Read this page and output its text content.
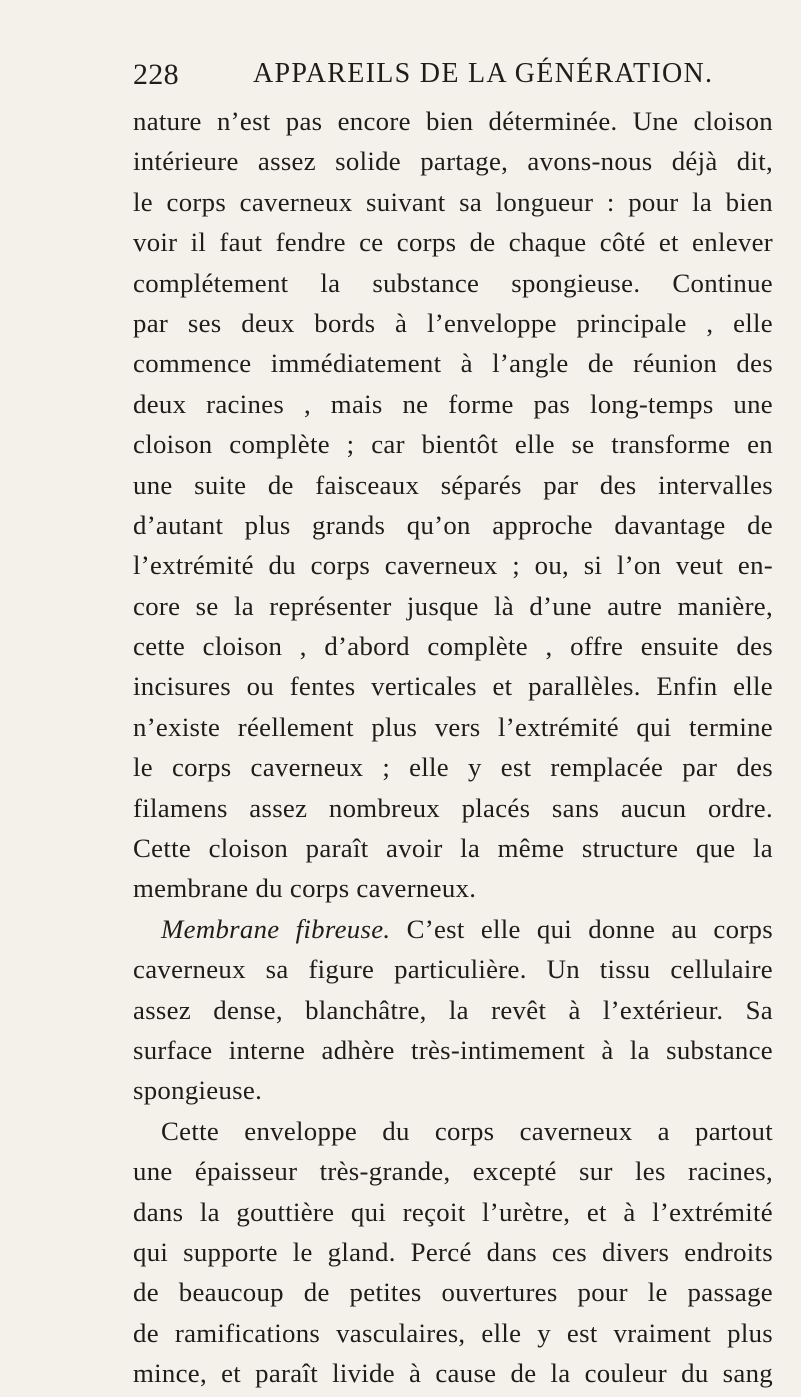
228	APPAREILS DE LA GÉNÉRATION.
nature n’est pas encore bien déterminée. Une cloison
intérieure assez solide partage, avons-nous déjà dit,
le corps caverneux suivant sa longueur : pour la bien
voir il faut fendre ce corps de chaque côté et enlever
complétement la substance spongieuse. Continue
par ses deux bords à l’enveloppe principale , elle
commence immédiatement à l’angle de réunion des
deux racines , mais ne forme pas long-temps une
cloison complète ; car bientôt elle se transforme en
une suite de faisceaux séparés par des intervalles
d’autant plus grands qu’on approche davantage de
l’extrémité du corps caverneux ; ou, si l’on veut en-
core se la représenter jusque là d’une autre manière,
cette cloison , d’abord complète , offre ensuite des
incisures ou fentes verticales et parallèles. Enfin elle
n’existe réellement plus vers l’extrémité qui termine
le corps caverneux ; elle y est remplacée par des
filamens assez nombreux placés sans aucun ordre.
Cette cloison paraît avoir la même structure que la
membrane du corps caverneux.
Membrane fibreuse. C’est elle qui donne au corps
caverneux sa figure particulière. Un tissu cellulaire
assez dense, blanchâtre, la revêt à l’extérieur. Sa
surface interne adhère très-intimement à la substance
spongieuse.
Cette enveloppe du corps caverneux a partout
une épaisseur très-grande, excepté sur les racines,
dans la gouttière qui reçoit l’urètre, et à l’extrémité
qui supporte le gland. Percé dans ces divers endroits
de beaucoup de petites ouvertures pour le passage
de ramifications vasculaires, elle y est vraiment plus
mince, et paraît livide à cause de la couleur du sang
